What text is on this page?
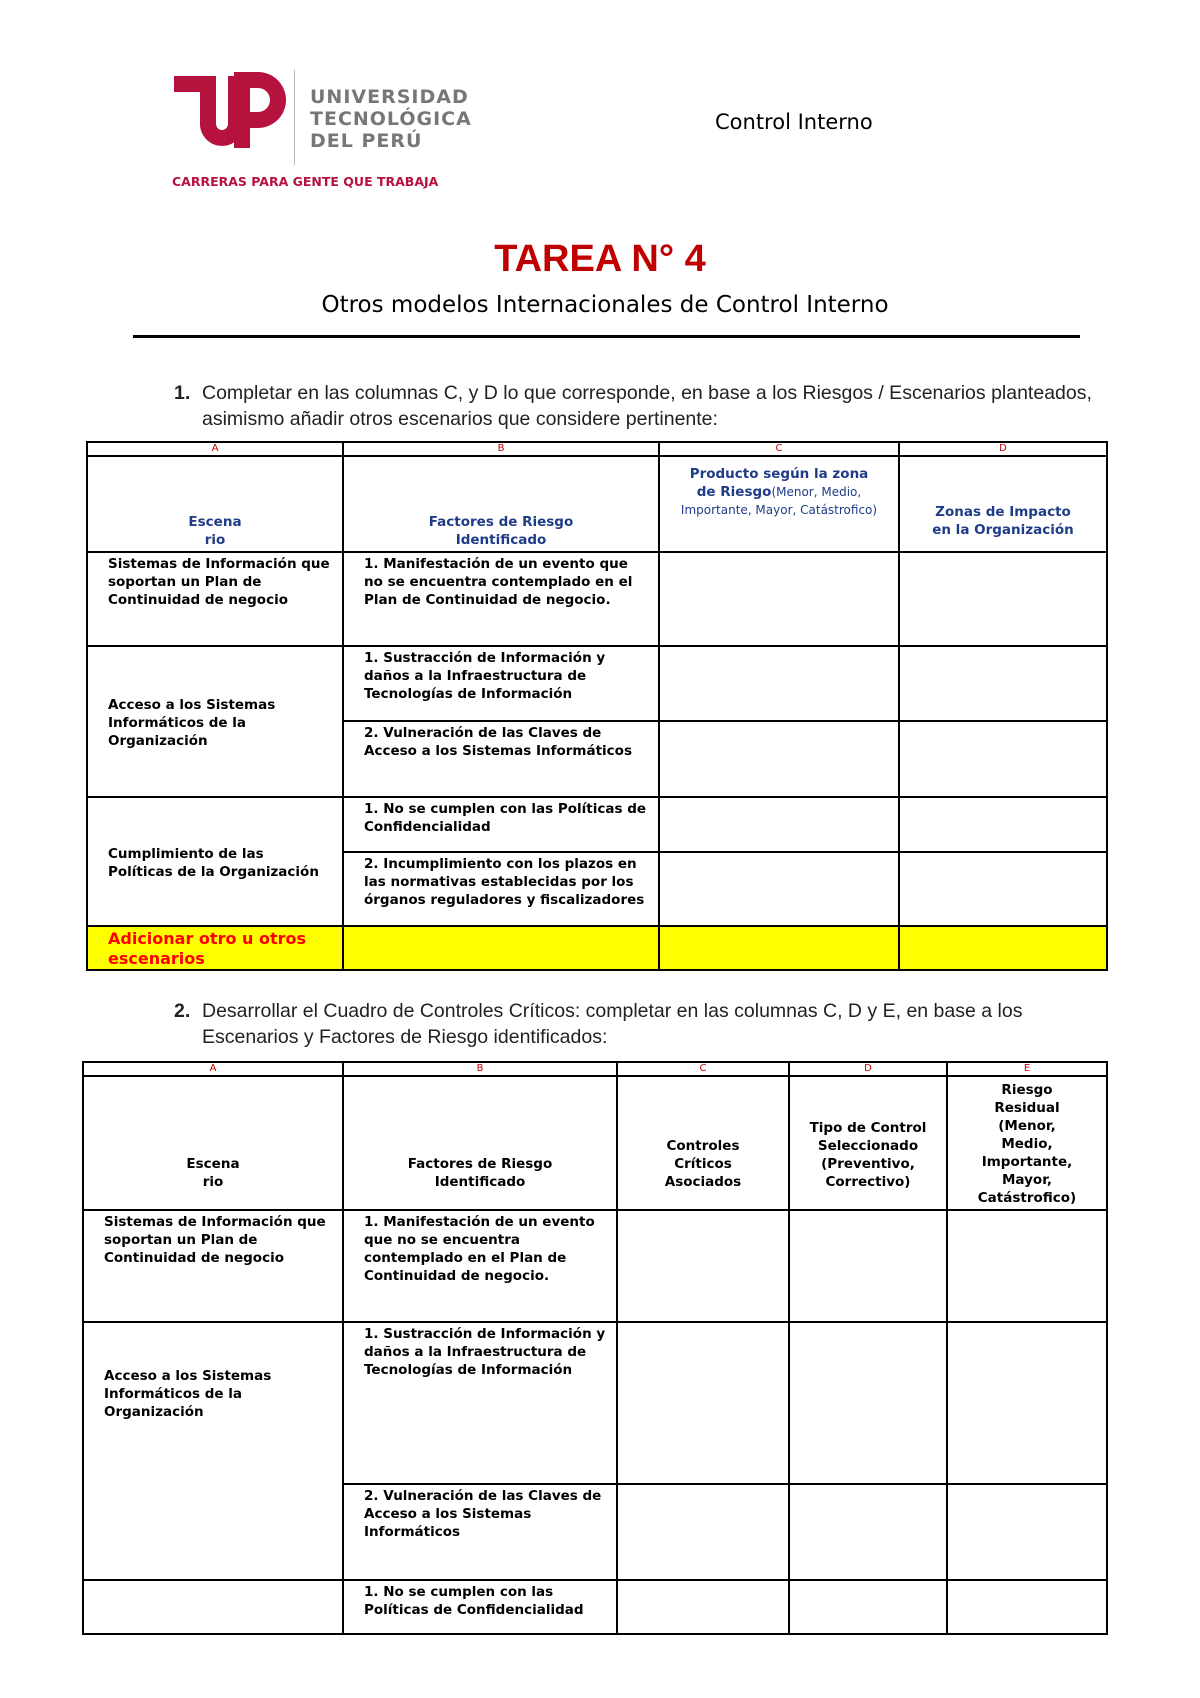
UNIVERSIDAD
TECNOLÓGICA
DEL PERÚ
CARRERAS PARA GENTE QUE TRABAJA
Control Interno
TAREA N° 4
Otros modelos Internacionales de Control Interno
1. Completar en las columnas C, y D lo que corresponde, en base a los Riesgos / Escenarios planteados, asimismo añadir otros escenarios que considere pertinente:
A	B	C	D

Escena rio	Factores de Riesgo Identificado	Producto según la zona de Riesgo(Menor, Medio, Importante, Mayor, Catástrofico)	Zonas de Impacto en la Organización

Sistemas de Información que soportan un Plan de Continuidad de negocio	1. Manifestación de un evento que no se encuentra contemplado en el Plan de Continuidad de negocio.		
Acceso a los Sistemas Informáticos de la Organización	1. Sustracción de Información y daños a la Infraestructura de Tecnologías de Información		
	2. Vulneración de las Claves de Acceso a los Sistemas Informáticos		
Cumplimiento de las Políticas de la Organización	1. No se cumplen con las Políticas de Confidencialidad		
	2. Incumplimiento con los plazos en las normativas establecidas por los órganos reguladores y fiscalizadores		
Adicionar otro u otros escenarios			
2. Desarrollar el Cuadro de Controles Críticos: completar en las columnas C, D y E, en base a los Escenarios y Factores de Riesgo identificados:
A	B	C	D	E

Escena rio	Factores de Riesgo Identificado	Controles Críticos Asociados	Tipo de Control Seleccionado (Preventivo, Correctivo)	Riesgo Residual (Menor, Medio, Importante, Mayor, Catástrofico)

Sistemas de Información que soportan un Plan de Continuidad de negocio	1. Manifestación de un evento que no se encuentra contemplado en el Plan de Continuidad de negocio.			
Acceso a los Sistemas Informáticos de la Organización	1. Sustracción de Información y daños a la Infraestructura de Tecnologías de Información			
	2. Vulneración de las Claves de Acceso a los Sistemas Informáticos			
	1. No se cumplen con las Políticas de Confidencialidad			
